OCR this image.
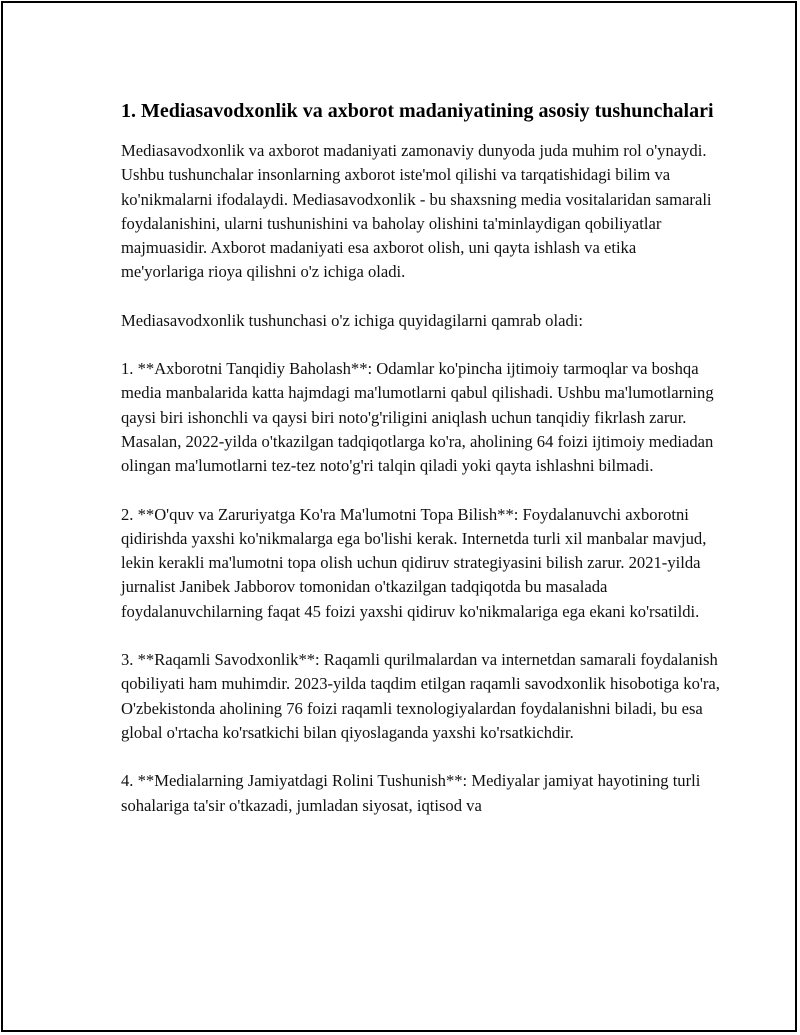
1. Mediasavodxonlik va axborot madaniyatining asosiy tushunchalari

Mediasavodxonlik va axborot madaniyati zamonaviy dunyoda juda muhim rol o'ynaydi. Ushbu tushunchalar insonlarning axborot iste'mol qilishi va tarqatishidagi bilim va ko'nikmalarni ifodalaydi. Mediasavodxonlik - bu shaxsning media vositalaridan samarali foydalanishini, ularni tushunishini va baholay olishini ta'minlaydigan qobiliyatlar majmuasidir. Axborot madaniyati esa axborot olish, uni qayta ishlash va etika me'yorlariga rioya qilishni o'z ichiga oladi.

Mediasavodxonlik tushunchasi o'z ichiga quyidagilarni qamrab oladi:

1. **Axborotni Tanqidiy Baholash**: Odamlar ko'pincha ijtimoiy tarmoqlar va boshqa media manbalarida katta hajmdagi ma'lumotlarni qabul qilishadi. Ushbu ma'lumotlarning qaysi biri ishonchli va qaysi biri noto'g'riligini aniqlash uchun tanqidiy fikrlash zarur. Masalan, 2022-yilda o'tkazilgan tadqiqotlarga ko'ra, aholining 64 foizi ijtimoiy mediadan olingan ma'lumotlarni tez-tez noto'g'ri talqin qiladi yoki qayta ishlashni bilmadi.

2. **O'quv va Zaruriyatga Ko'ra Ma'lumotni Topa Bilish**: Foydalanuvchi axborotni qidirishda yaxshi ko'nikmalarga ega bo'lishi kerak. Internetda turli xil manbalar mavjud, lekin kerakli ma'lumotni topa olish uchun qidiruv strategiyasini bilish zarur. 2021-yilda jurnalist Janibek Jabborov tomonidan o'tkazilgan tadqiqotda bu masalada foydalanuvchilarning faqat 45 foizi yaxshi qidiruv ko'nikmalariga ega ekani ko'rsatildi.

3. **Raqamli Savodxonlik**: Raqamli qurilmalardan va internetdan samarali foydalanish qobiliyati ham muhimdir. 2023-yilda taqdim etilgan raqamli savodxonlik hisobotiga ko'ra, O'zbekistonda aholining 76 foizi raqamli texnologiyalardan foydalanishni biladi, bu esa global o'rtacha ko'rsatkichi bilan qiyoslaganda yaxshi ko'rsatkichdir.

4. **Medialarning Jamiyatdagi Rolini Tushunish**: Mediyalar jamiyat hayotining turli sohalariga ta'sir o'tkazadi, jumladan siyosat, iqtisod va
